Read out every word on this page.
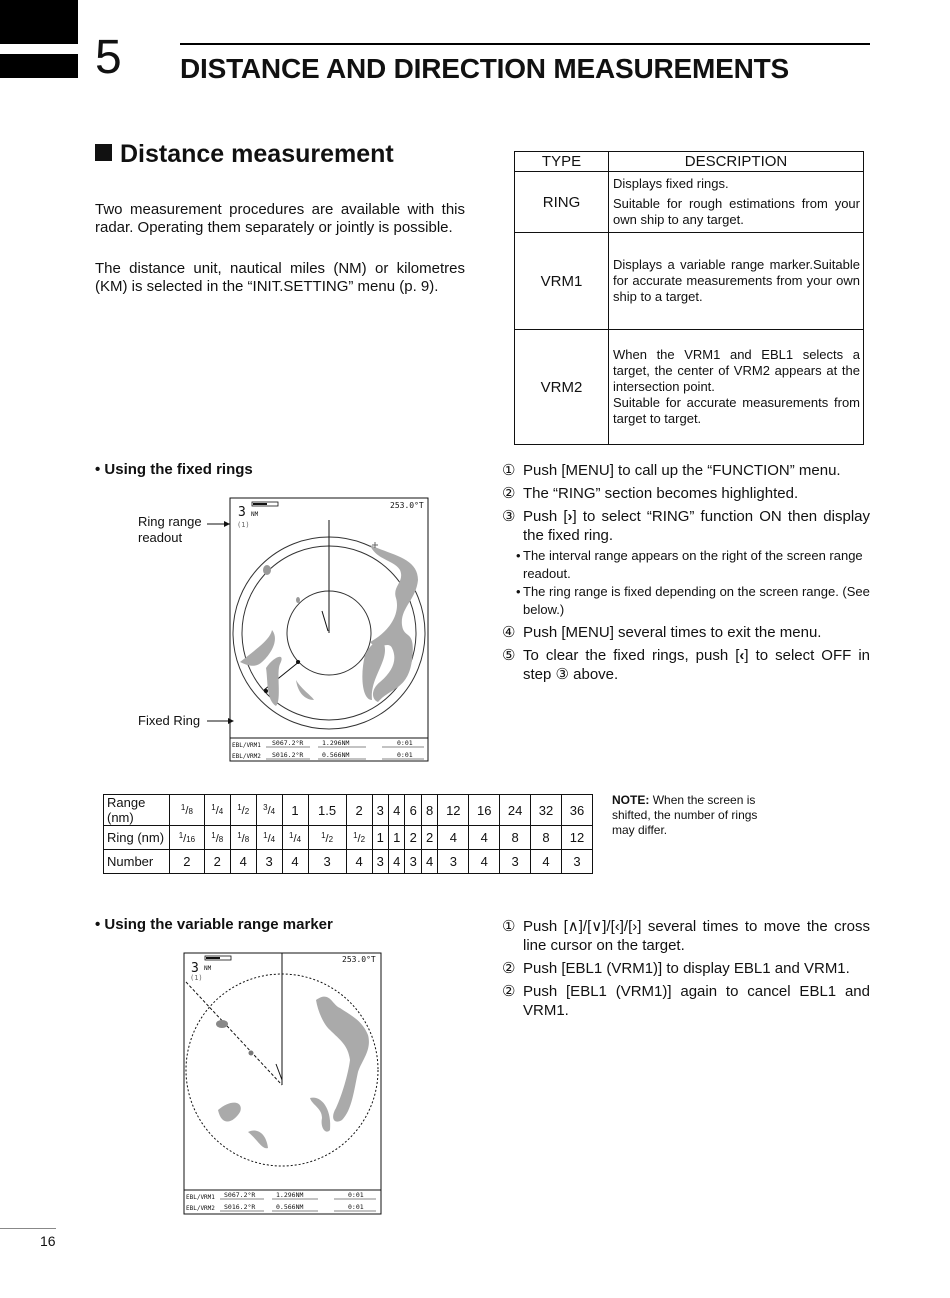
5 DISTANCE AND DIRECTION MEASUREMENTS
Distance measurement
Two measurement procedures are available with this radar. Operating them separately or jointly is possible.
The distance unit, nautical miles (NM) or kilometres (KM) is selected in the “INIT.SETTING” menu (p. 9).
TYPE	DESCRIPTION
RING	Displays fixed rings.
Suitable for rough estimations from your own ship to any target.

VRM1	Displays a variable range marker.Suitable for accurate measurements from your own ship to a target.

VRM2	When the VRM1 and EBL1 selects a target, the center of VRM2 appears at the intersection point.
Suitable for accurate measurements from target to target.
• Using the fixed rings
Ring range readout
Fixed Ring
3 NM
(1)
253.0°T
EBL/VRM1 S067.2°R	1.296NM	0:01
EBL/VRM2 S016.2°R	0.566NM	0:01
① Push [MENU] to call up the “FUNCTION” menu.
② The “RING” section becomes highlighted.
③ Push [›] to select “RING” function ON then display the fixed ring.
• The interval range appears on the right of the screen range readout.
• The ring range is fixed depending on the screen range. (See below.)
④ Push [MENU] several times to exit the menu.
⑤ To clear the fixed rings, push [‹] to select OFF in step ③ above.
Range (nm)	$^1$/8	$^1$/4	$^1$/2	$^3$/4	1	1.5	2	3	4	6	8	12	16	24	32	36
Ring (nm)	$^1$/16	$^1$/8	$^1$/8	$^1$/4	$^1$/4	$^1$/2	$^1$/2	1	1	2	2	4	4	8	8	12
Number	2	2	4	3	4	3	4	3	4	3	4	3	4	3	4	3
NOTE: When the screen is shifted, the number of rings may differ.
• Using the variable range marker
3 NM
(1)
253.0°T
EBL/VRM1 S067.2°R	1.296NM	0:01
EBL/VRM2 S016.2°R	0.566NM	0:01
① Push [∧]/[∨]/[‹]/[›] several times to move the cross line cursor on the target.
② Push [EBL1 (VRM1)] to display EBL1 and VRM1.
② Push [EBL1 (VRM1)] again to cancel EBL1 and VRM1.
16
